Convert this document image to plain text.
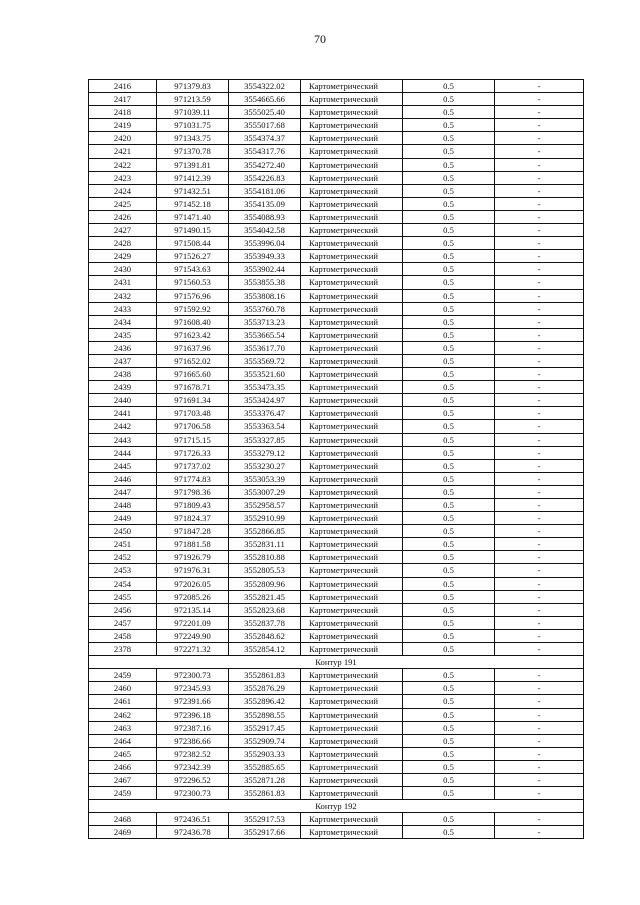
70
2416	971379.83	3554322.02	Картометрический	0.5	-
2417	971213.59	3554665.66	Картометрический	0.5	-
2418	971039.11	3555025.40	Картометрический	0.5	-
2419	971031.75	3555017.68	Картометрический	0.5	-
2420	971343.75	3554374.37	Картометрический	0.5	-
2421	971370.78	3554317.76	Картометрический	0.5	-
2422	971391.81	3554272.40	Картометрический	0.5	-
2423	971412.39	3554226.83	Картометрический	0.5	-
2424	971432.51	3554181.06	Картометрический	0.5	-
2425	971452.18	3554135.09	Картометрический	0.5	-
2426	971471.40	3554088.93	Картометрический	0.5	-
2427	971490.15	3554042.58	Картометрический	0.5	-
2428	971508.44	3553996.04	Картометрический	0.5	-
2429	971526.27	3553949.33	Картометрический	0.5	-
2430	971543.63	3553902.44	Картометрический	0.5	-
2431	971560.53	3553855.38	Картометрический	0.5	-
2432	971576.96	3553808.16	Картометрический	0.5	-
2433	971592.92	3553760.78	Картометрический	0.5	-
2434	971608.40	3553713.23	Картометрический	0.5	-
2435	971623.42	3553665.54	Картометрический	0.5	-
2436	971637.96	3553617.70	Картометрический	0.5	-
2437	971652.02	3553569.72	Картометрический	0.5	-
2438	971665.60	3553521.60	Картометрический	0.5	-
2439	971678.71	3553473.35	Картометрический	0.5	-
2440	971691.34	3553424.97	Картометрический	0.5	-
2441	971703.48	3553376.47	Картометрический	0.5	-
2442	971706.58	3553363.54	Картометрический	0.5	-
2443	971715.15	3553327.85	Картометрический	0.5	-
2444	971726.33	3553279.12	Картометрический	0.5	-
2445	971737.02	3553230.27	Картометрический	0.5	-
2446	971774.83	3553053.39	Картометрический	0.5	-
2447	971798.36	3553007.29	Картометрический	0.5	-
2448	971809.43	3552958.57	Картометрический	0.5	-
2449	971824.37	3552910.99	Картометрический	0.5	-
2450	971847.28	3552866.85	Картометрический	0.5	-
2451	971881.58	3552831.11	Картометрический	0.5	-
2452	971926.79	3552810.88	Картометрический	0.5	-
2453	971976.31	3552805.53	Картометрический	0.5	-
2454	972026.05	3552809.96	Картометрический	0.5	-
2455	972085.26	3552821.45	Картометрический	0.5	-
2456	972135.14	3552823.68	Картометрический	0.5	-
2457	972201.09	3552837.78	Картометрический	0.5	-
2458	972249.90	3552848.62	Картометрический	0.5	-
2378	972271.32	3552854.12	Картометрический	0.5	-
Контур 191					
2459	972300.73	3552861.83	Картометрический	0.5	-
2460	972345.93	3552876.29	Картометрический	0.5	-
2461	972391.66	3552896.42	Картометрический	0.5	-
2462	972396.18	3552898.55	Картометрический	0.5	-
2463	972387.16	3552917.45	Картометрический	0.5	-
2464	972386.66	3552909.74	Картометрический	0.5	-
2465	972382.52	3552903.33	Картометрический	0.5	-
2466	972342.39	3552885.65	Картометрический	0.5	-
2467	972296.52	3552871.28	Картометрический	0.5	-
2459	972300.73	3552861.83	Картометрический	0.5	-
Контур 192					
2468	972436.51	3552917.53	Картометрический	0.5	-
2469	972436.78	3552917.66	Картометрический	0.5	-
